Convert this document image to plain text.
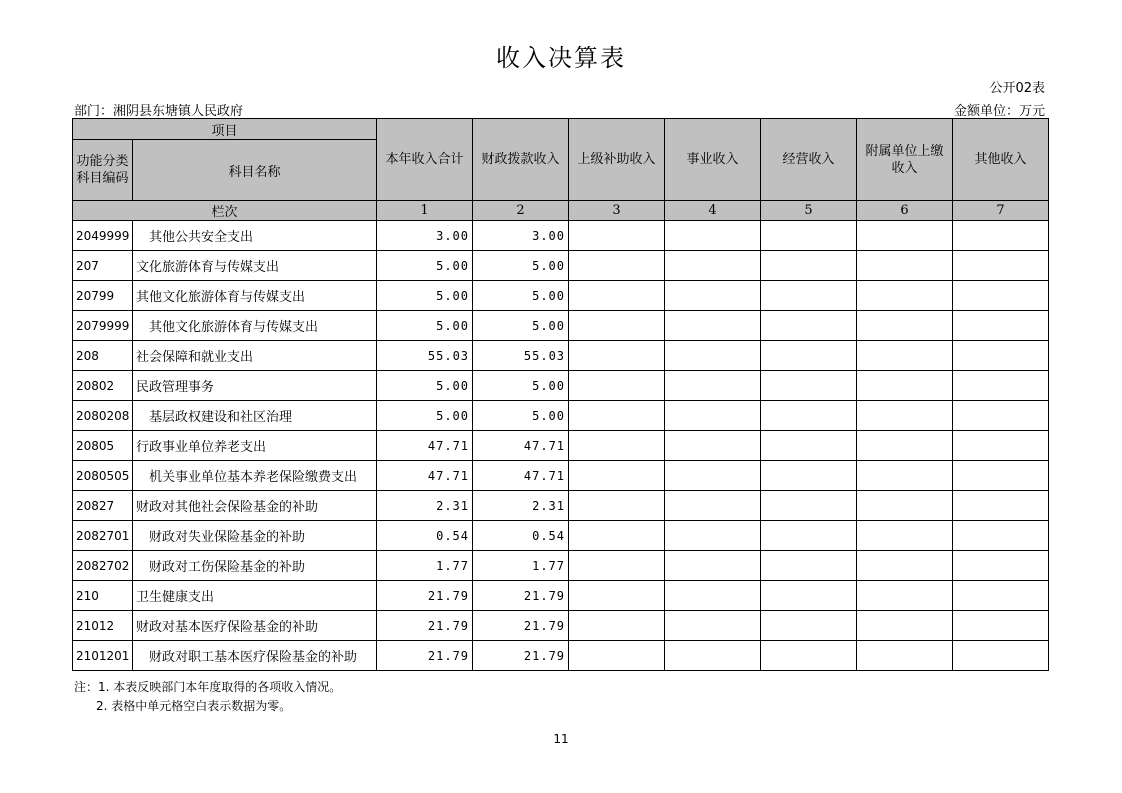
收入决算表
公开02表
部门：湘阴县东塘镇人民政府	金额单位：万元
项目		本年收入合计	财政拨款收入	上级补助收入	事业收入	经营收入	附属单位上缴收入	其他收入
功能分类科目编码	科目名称							
栏次		1	2	3	4	5	6	7
2049999	其他公共安全支出	3.00	3.00					
207	文化旅游体育与传媒支出	5.00	5.00					
20799	其他文化旅游体育与传媒支出	5.00	5.00					
2079999	其他文化旅游体育与传媒支出	5.00	5.00					
208	社会保障和就业支出	55.03	55.03					
20802	民政管理事务	5.00	5.00					
2080208	基层政权建设和社区治理	5.00	5.00					
20805	行政事业单位养老支出	47.71	47.71					
2080505	机关事业单位基本养老保险缴费支出	47.71	47.71					
20827	财政对其他社会保险基金的补助	2.31	2.31					
2082701	财政对失业保险基金的补助	0.54	0.54					
2082702	财政对工伤保险基金的补助	1.77	1.77					
210	卫生健康支出	21.79	21.79					
21012	财政对基本医疗保险基金的补助	21.79	21.79					
2101201	财政对职工基本医疗保险基金的补助	21.79	21.79					
注：1. 本表反映部门本年度取得的各项收入情况。
2. 表格中单元格空白表示数据为零。
11
